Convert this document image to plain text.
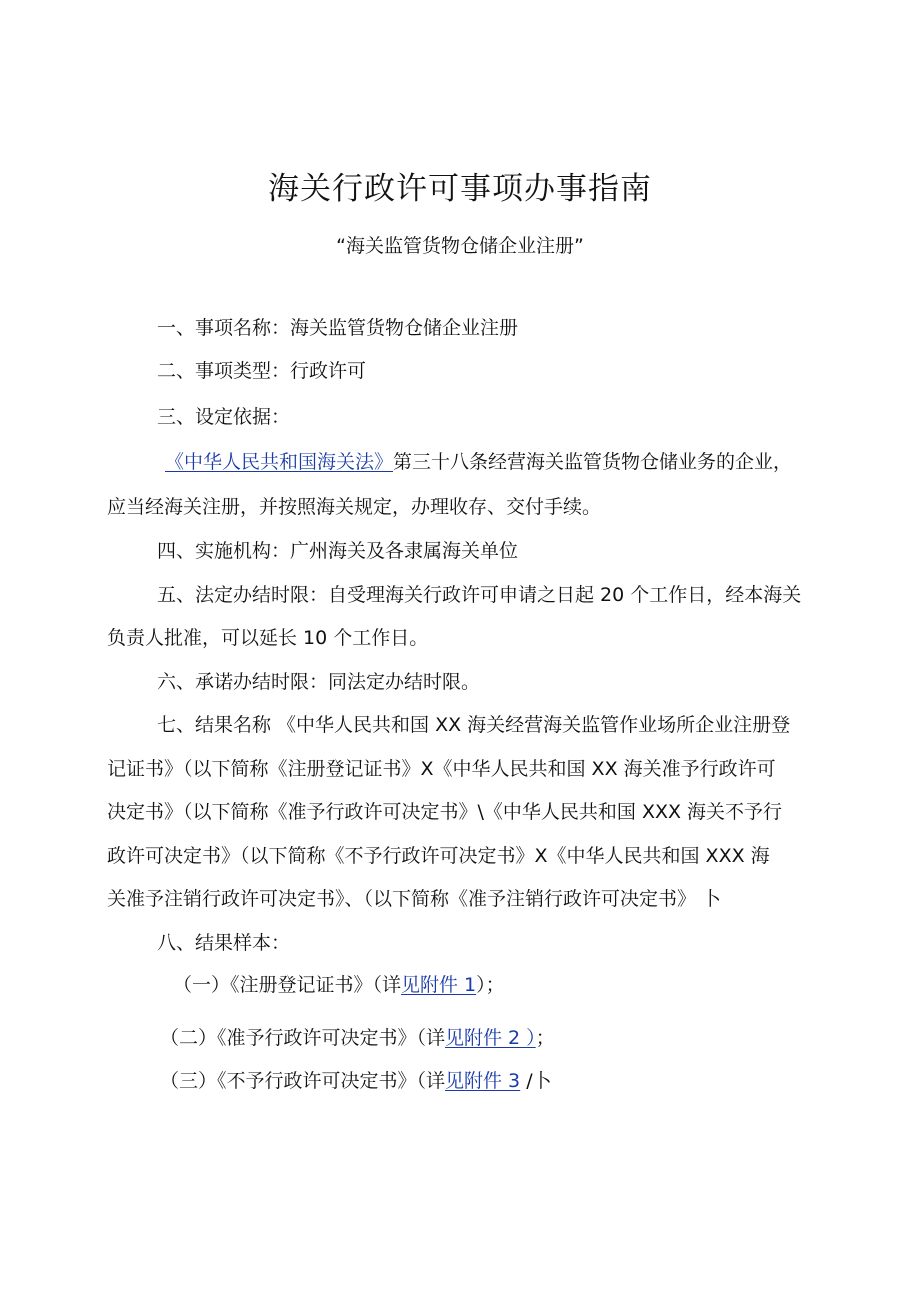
海关行政许可事项办事指南
“海关监管货物仓储企业注册”
一、事项名称：海关监管货物仓储企业注册
二、事项类型：行政许可
三、设定依据：
《中华人民共和国海关法》第三十八条经营海关监管货物仓储业务的企业，
应当经海关注册，并按照海关规定，办理收存、交付手续。
四、实施机构：广州海关及各隶属海关单位
五、法定办结时限：自受理海关行政许可申请之日起 20 个工作日，经本海关
负责人批准，可以延长 10 个工作日。
六、承诺办结时限：同法定办结时限。
七、结果名称 《中华人民共和国 XX 海关经营海关监管作业场所企业注册登
记证书》（以下简称《注册登记证书》X《中华人民共和国 XX 海关准予行政许可
决定书》（以下简称《准予行政许可决定书》\《中华人民共和国 XXX 海关不予行
政许可决定书》（以下简称《不予行政许可决定书》X《中华人民共和国 XXX 海
关准予注销行政许可决定书》、（以下简称《准予注销行政许可决定书》 卜
八、结果样本：
（一）《注册登记证书》（详见附件 1）；
（二）《准予行政许可决定书》（详见附件 2 ）；
（三）《不予行政许可决定书》（详见附件 3 /​卜
